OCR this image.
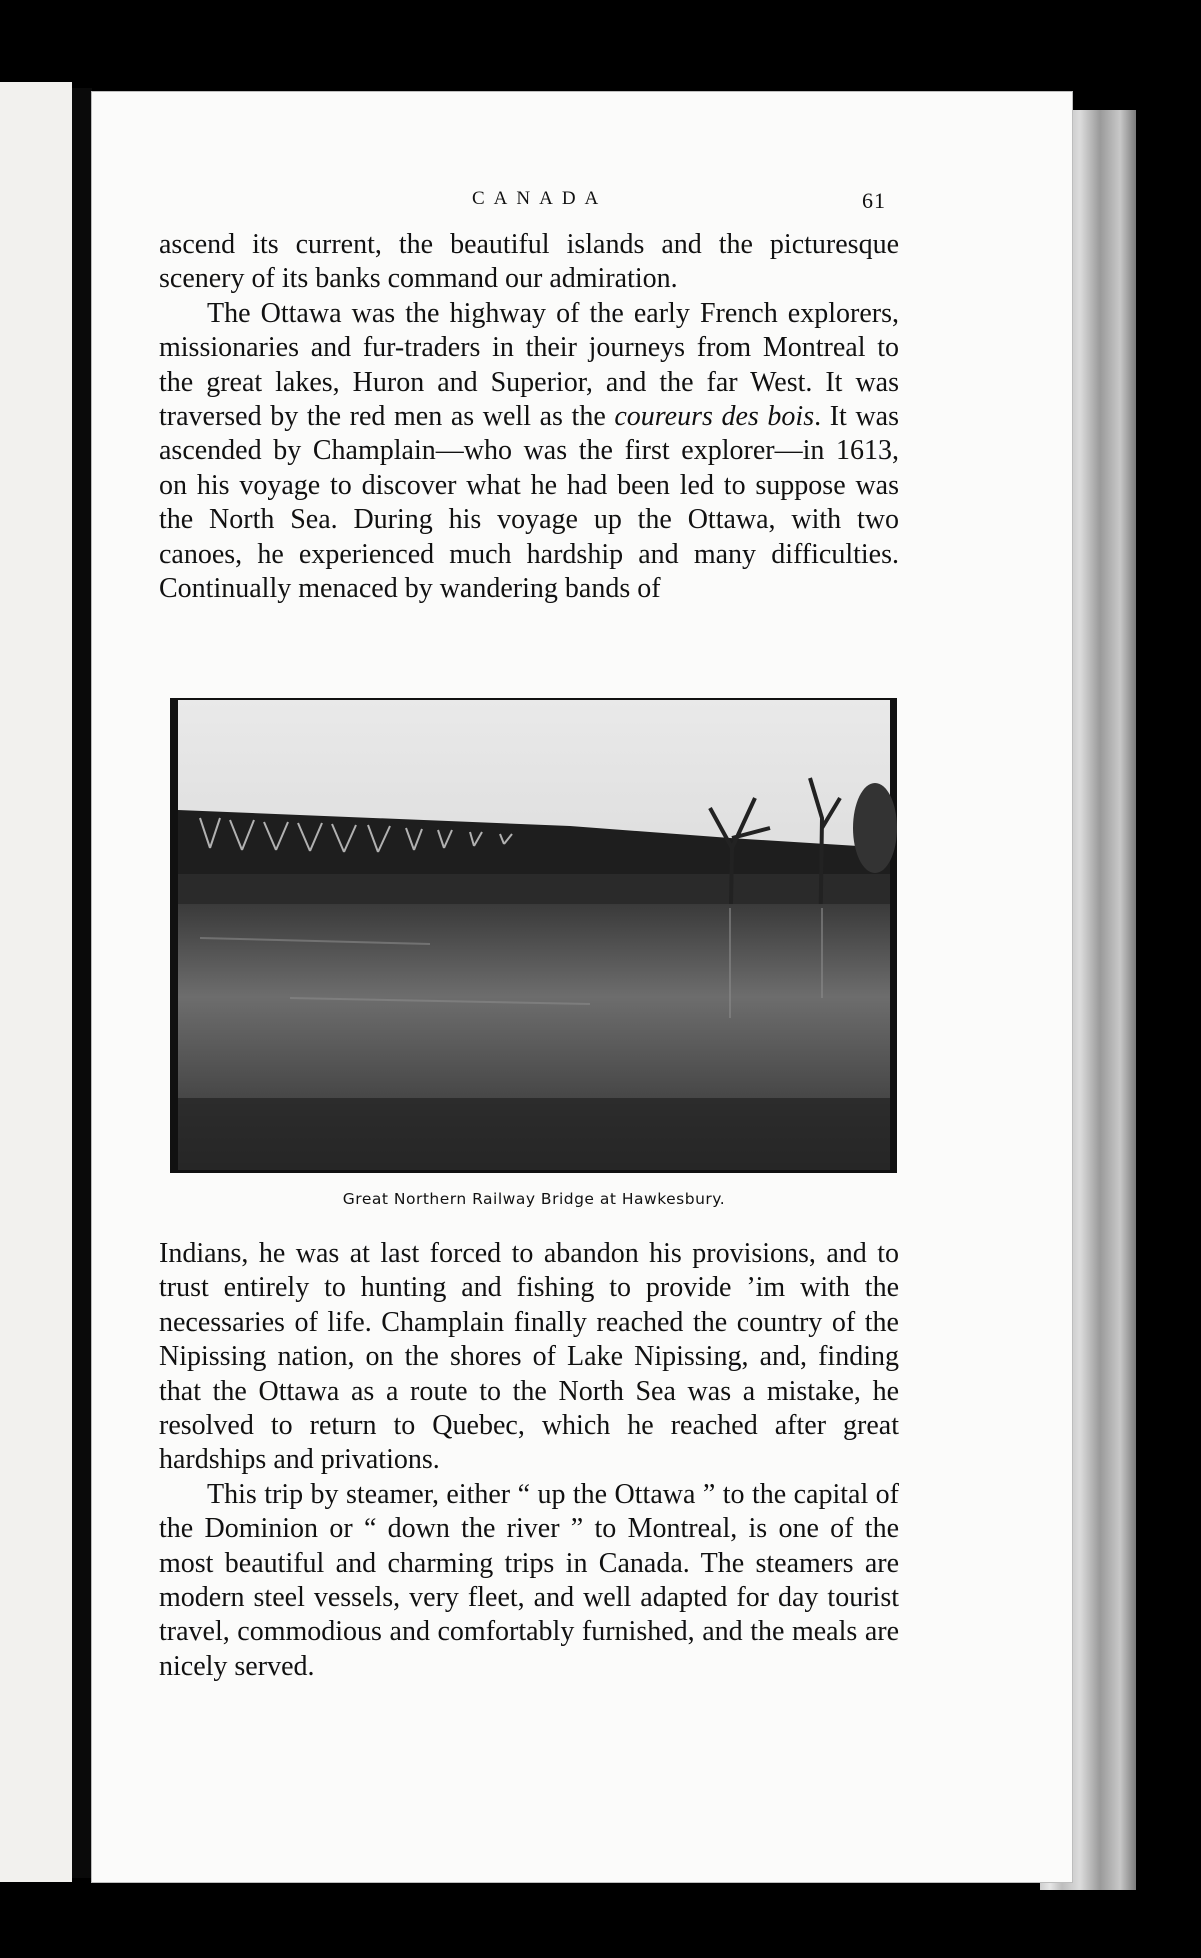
CANADA	61

ascend its current, the beautiful islands and the picturesque scenery of its banks command our admiration.

The Ottawa was the highway of the early French explorers, missionaries and fur-traders in their journeys from Montreal to the great lakes, Huron and Superior, and the far West. It was traversed by the red men as well as the coureurs des bois. It was ascended by Champlain—who was the first explorer—in 1613, on his voyage to discover what he had been led to suppose was the North Sea. During his voyage up the Ottawa, with two canoes, he experienced much hardship and many difficulties. Continually menaced by wandering bands of

Great Northern Railway Bridge at Hawkesbury.

Indians, he was at last forced to abandon his provisions, and to trust entirely to hunting and fishing to provide ’im with the necessaries of life. Champlain finally reached the country of the Nipissing nation, on the shores of Lake Nipissing, and, finding that the Ottawa as a route to the North Sea was a mistake, he resolved to return to Quebec, which he reached after great hardships and privations.

This trip by steamer, either “ up the Ottawa ” to the capital of the Dominion or “ down the river ” to Montreal, is one of the most beautiful and charming trips in Canada. The steamers are modern steel vessels, very fleet, and well adapted for day tourist travel, commodious and comfortably furnished, and the meals are nicely served.
